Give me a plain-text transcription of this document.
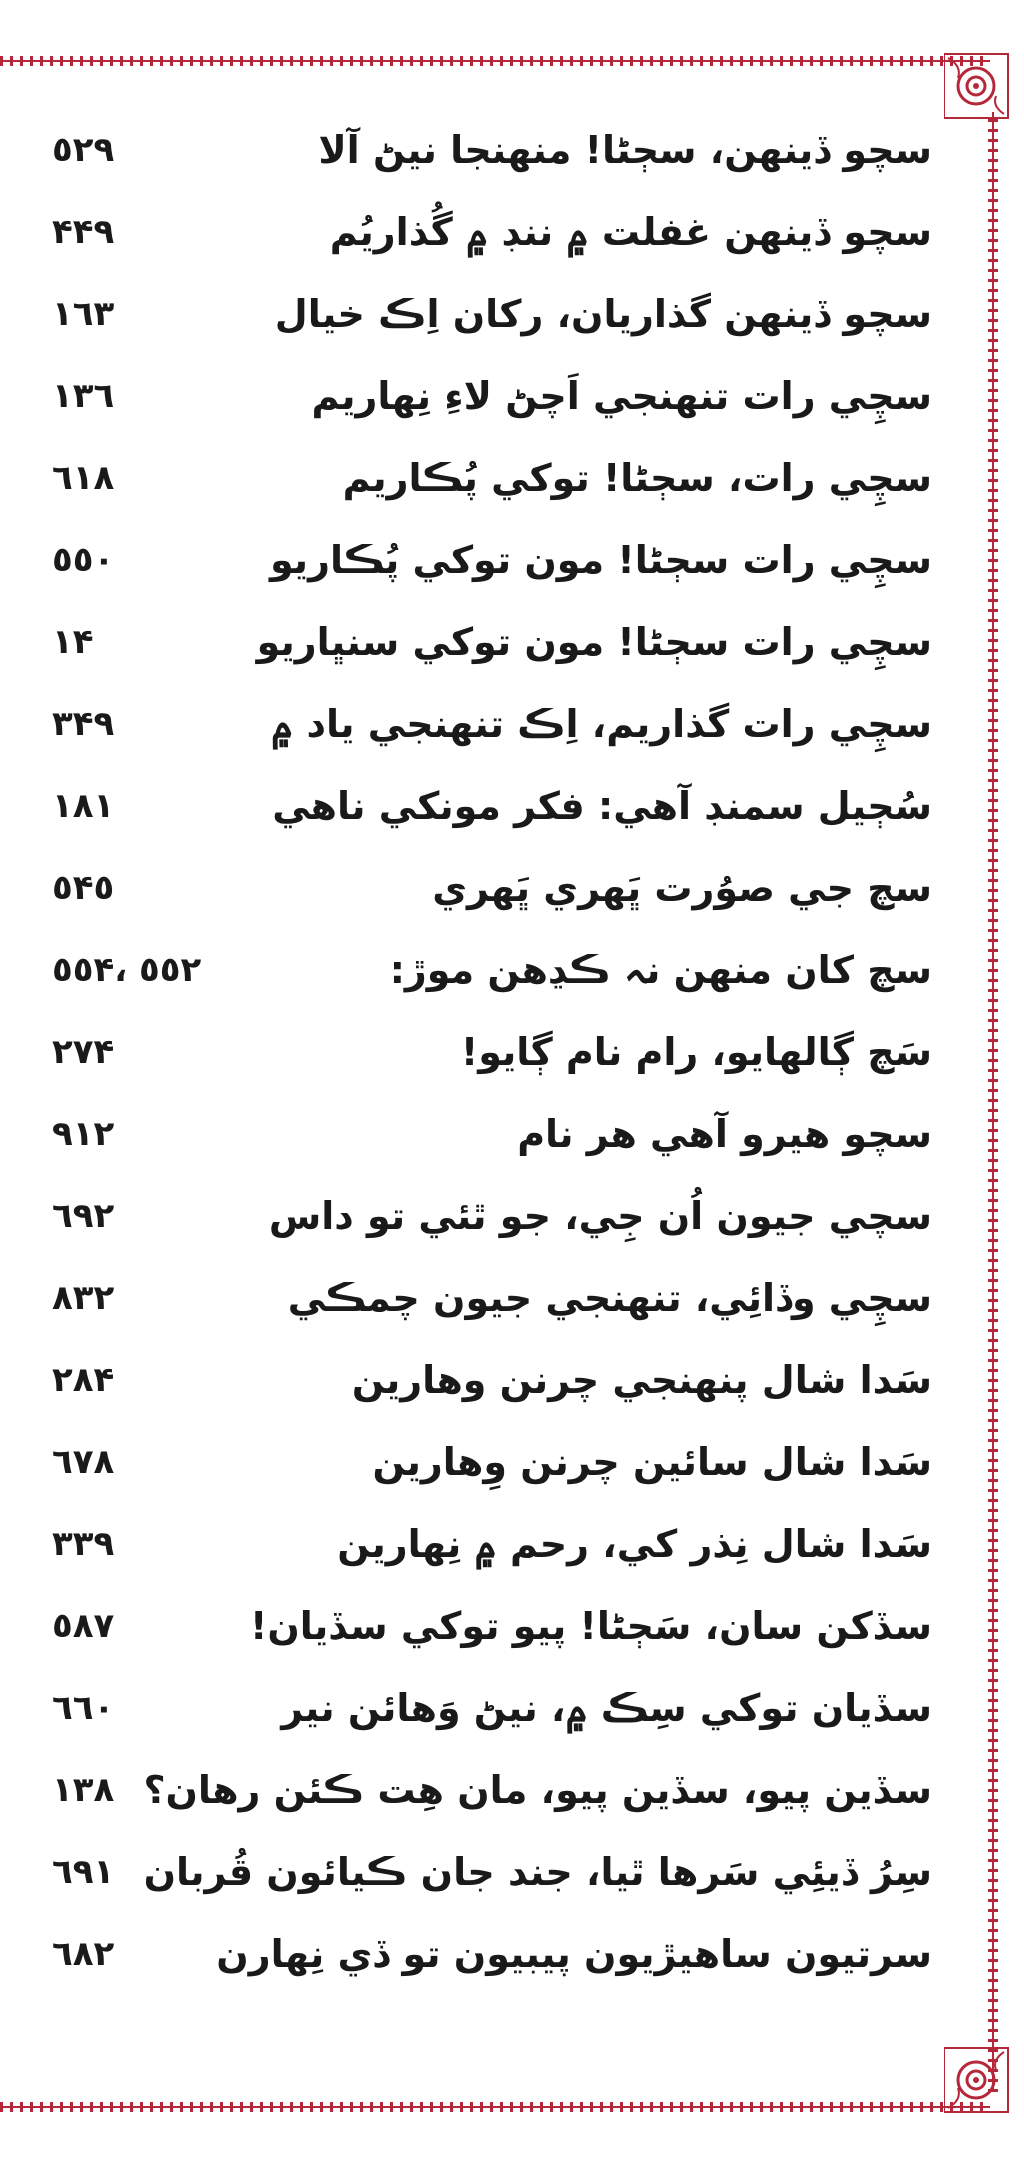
سچو ڏينهن، سڄڻا! منهنجا نيڻ آلا
٥٢٩
سچو ڏينهن غفلت ۾ ننڊ ۾ گُذاريُم
۴۴٩
سچو ڏينهن گذاريان، رکان اِڪ خيال
١٦٣
سچِي رات تنهنجي اَچڻ لاءِ نِهاريم
١٣٦
سچِي رات، سڄڻا! توکي پُڪاريم
٦١٨
سچِي رات سڄڻا! مون توکي پُڪاريو
٥٥٠
سچِي رات سڄڻا! مون توکي سنڀاريو
١۴
سچِي رات گذاريم، اِڪ تنهنجي ياد ۾
٣۴٩
سُڄيل سمنڊ آهي: فکر مونکي ناهي
١٨١
سچ جي صوُرت ڀَهري ڀَهري
٥۴٥
سچ کان منهن نہ ڪڍهن موڙ:
٥٥۴، ٥٥٢
سَچ ڳالهايو، رام نام ڳايو!
٢٧۴
سچو هيرو آهي هر نام
٩١٢
سچي جيون اُن جِي، جو ٿئي تو داس
٦٩٢
سچِي وڏائِي، تنهنجي جيون چمڪي
٨٣٢
سَدا شال پنهنجي چرنن وهارين
٢٨۴
سَدا شال سائين چرنن وِهارين
٦٧٨
سَدا شال نِذر کي، رحم ۾ نِهارين
٣٣٩
سڏکن سان، سَڄڻا! پيو توکي سڏيان!
٥٨٧
سڏيان توکي سِڪ ۾، نيڻ وَهائن نير
٦٦٠
سڏين پيو، سڏين پيو، مان هِت ڪئن رهان؟
١٣٨
سِرُ ڏيئِي سَرها ٿيا، جند جان ڪيائون قُربان
٦٩١
سرتيون ساهيڙيون پيبيون تو ڏي نِهارن
٦٨٢
